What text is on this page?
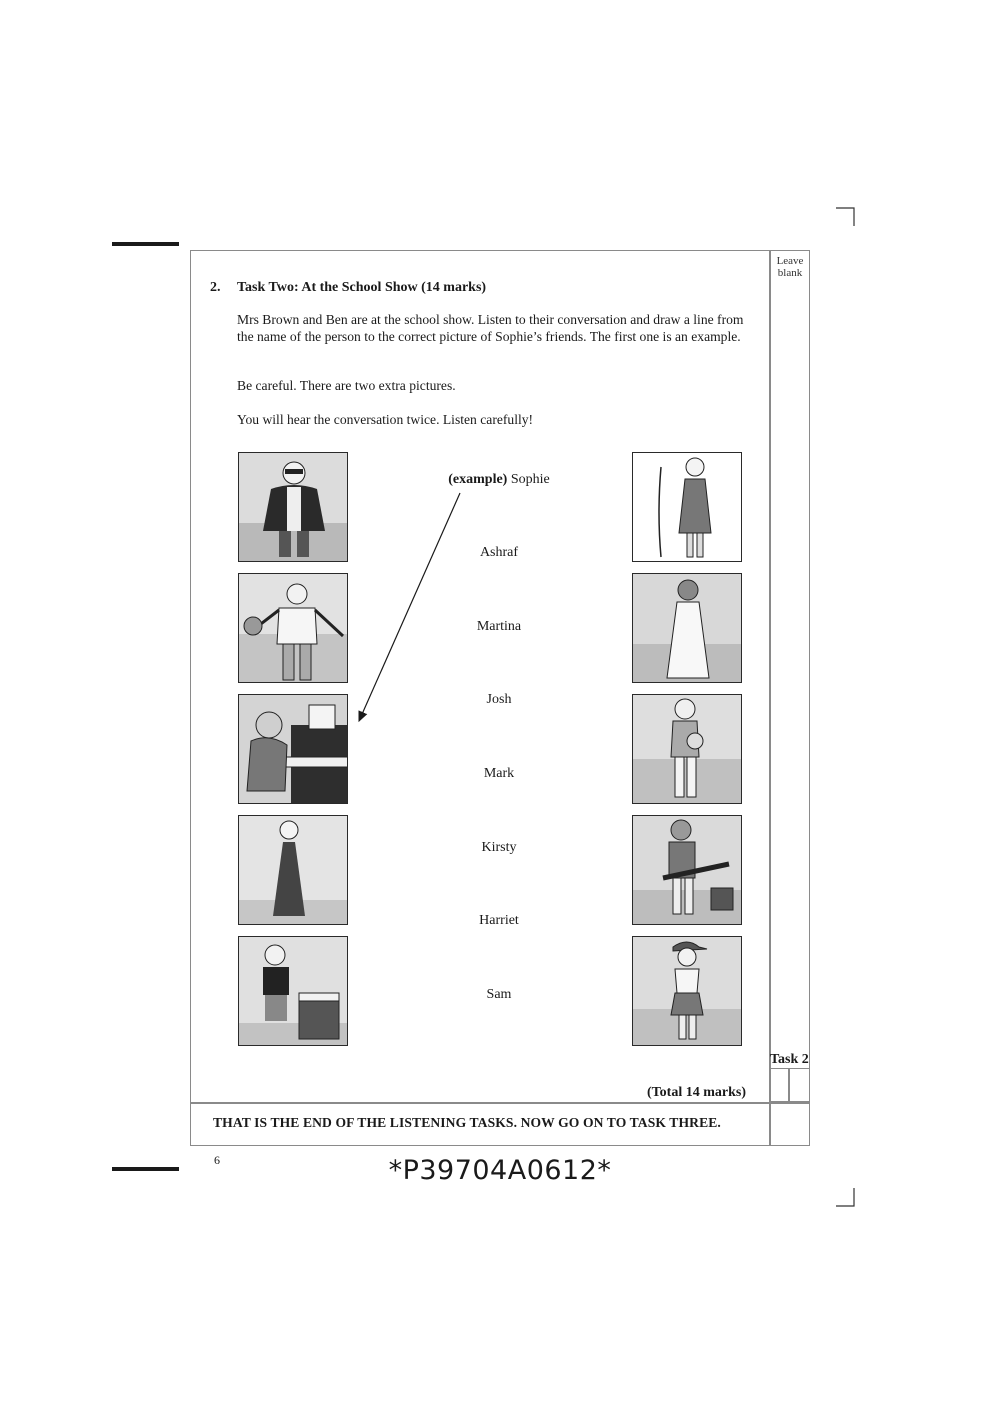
Leave blank
Task 2
2. Task Two: At the School Show (14 marks)
Mrs Brown and Ben are at the school show. Listen to their conversation and draw a line from the name of the person to the correct picture of Sophie’s friends. The first one is an example.
Be careful. There are two extra pictures.
You will hear the conversation twice. Listen carefully!
(example) Sophie
Ashraf
Martina
Josh
Mark
Kirsty
Harriet
Sam
(Total 14 marks)
THAT IS THE END OF THE LISTENING TASKS. NOW GO ON TO TASK THREE.
6	*P39704A0612*
